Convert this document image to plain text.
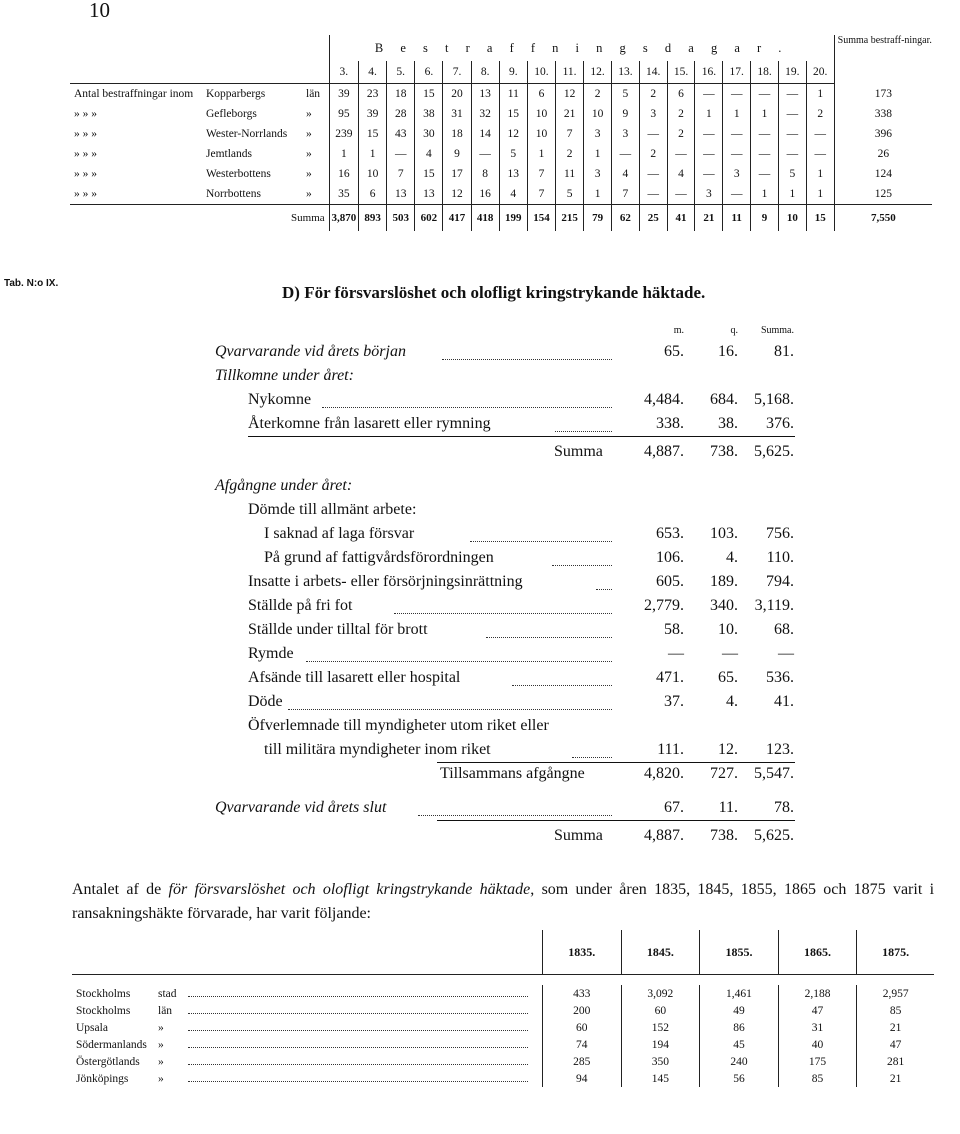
10
	B e s t r a f f n i n g s d a g a r .																		Summa bestraff-ningar.
	3.	4.	5.	6.	7.	8.	9.	10.	11.	12.	13.	14.	15.	16.	17.	18.	19.	20.	
Antal bestraffningar inom Kopparbergs län	39	23	18	15	20	13	11	6	12	2	5	2	6	—	—	—	—	1	173
» » » Gefleborgs »	95	39	28	38	31	32	15	10	21	10	9	3	2	1	1	1	—	2	338
» » » Wester-Norrlands »	239	15	43	30	18	14	12	10	7	3	3	—	2	—	—	—	—	—	396
» » » Jemtlands »	1	1	—	4	9	—	5	1	2	1	—	2	—	—	—	—	—	—	26
» » » Westerbottens »	16	10	7	15	17	8	13	7	11	3	4	—	4	—	3	—	5	1	124
» » » Norrbottens »	35	6	13	13	12	16	4	7	5	1	7	—	—	3	—	1	1	1	125
Summa	3,870	893	503	602	417	418	199	154	215	79	62	25	41	21	11	9	10	15	7,550
Tab. N:o IX.	D) För försvarslöshet och olofligt kringstrykande häktade.
m.	q.	Summa.
Qvarvarande vid årets början	65.	16.	81.
Tillkomne under året:
Nykomne	4,484.	684.	5,168.
Återkomne från lasarett eller rymning	338.	38.	376.
Summa	4,887.	738.	5,625.
Afgångne under året:
Dömde till allmänt arbete:
I saknad af laga försvar	653.	103.	756.
På grund af fattigvårdsförordningen	106.	4.	110.
Insatte i arbets- eller försörjningsinrättning	605.	189.	794.
Ställde på fri fot	2,779.	340.	3,119.
Ställde under tilltal för brott	58.	10.	68.
Rymde	—	—	—
Afsände till lasarett eller hospital	471.	65.	536.
Döde	37.	4.	41.
Öfverlemnade till myndigheter utom riket eller
till militära myndigheter inom riket	111.	12.	123.
Tillsammans afgångne	4,820.	727.	5,547.
Qvarvarande vid årets slut	67.	11.	78.
Summa	4,887.	738.	5,625.
Antalet af de för försvarslöshet och olofligt kringstrykande häktade, som under åren 1835, 1845, 1855, 1865 och 1875 varit i ransakningshäkte förvarade, har varit följande:
	1835.	1845.	1855.	1865.	1875.

Stockholms stad	433	3,092	1,461	2,188	2,957
Stockholms län	200	60	49	47	85
Upsala »	60	152	86	31	21
Södermanlands »	74	194	45	40	47
Östergötlands »	285	350	240	175	281
Jönköpings »	94	145	56	85	21
